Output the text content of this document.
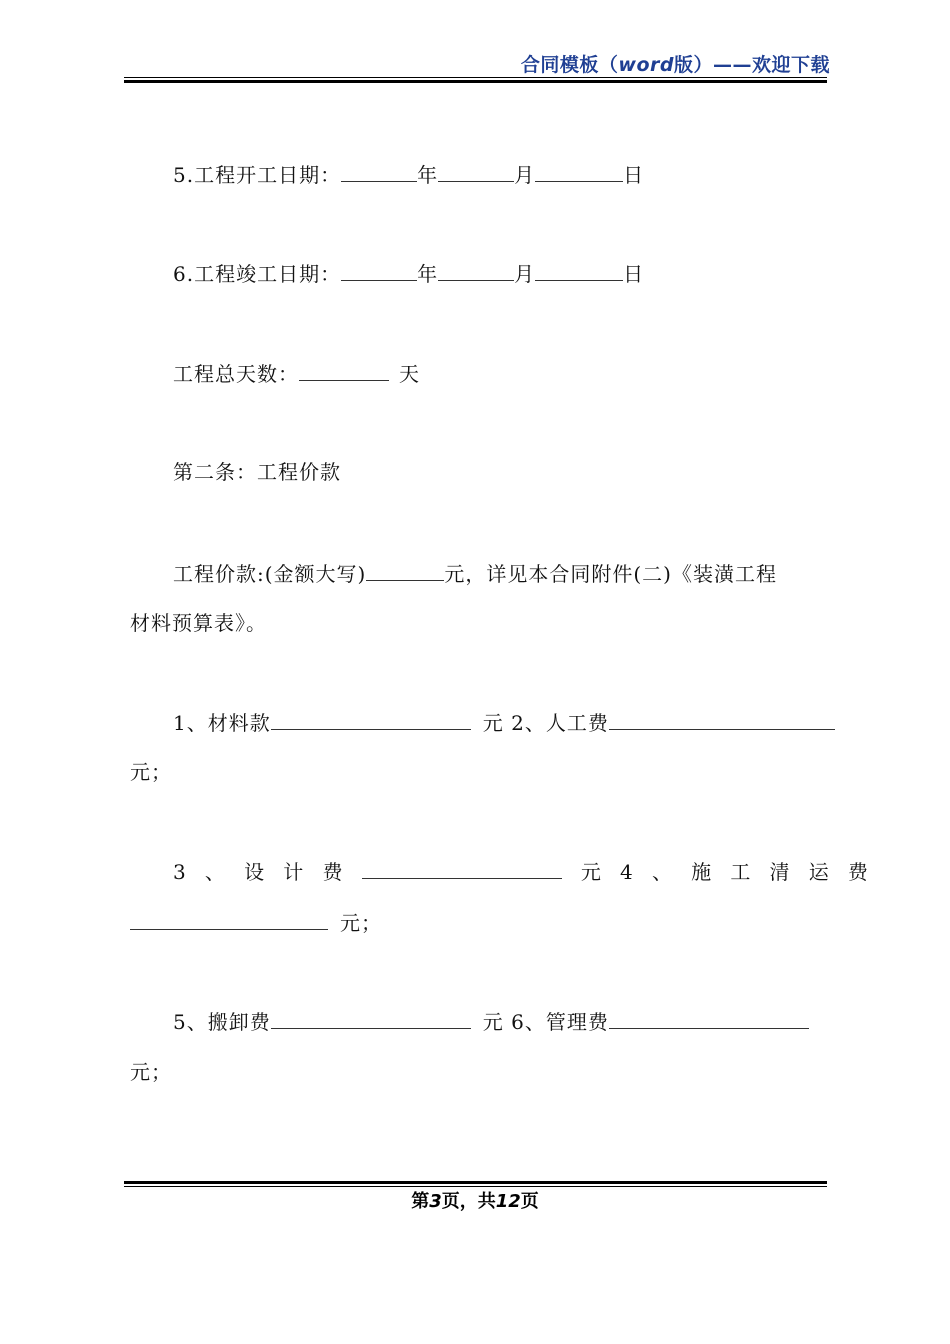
合同模板（word版）——欢迎下载
5.工程开工日期：	年	月	日
6.工程竣工日期：	年	月	日
工程总天数：	天
第二条：工程价款
工程价款:(金额大写)	元，详见本合同附件(二)《装潢工程
材料预算表》。
1、材料款	元 2、人工费
元；
3 、 设 计 费	元 4 、 施 工 清 运 费
元；
5、搬卸费	元 6、管理费
元；
第3页，共12页
